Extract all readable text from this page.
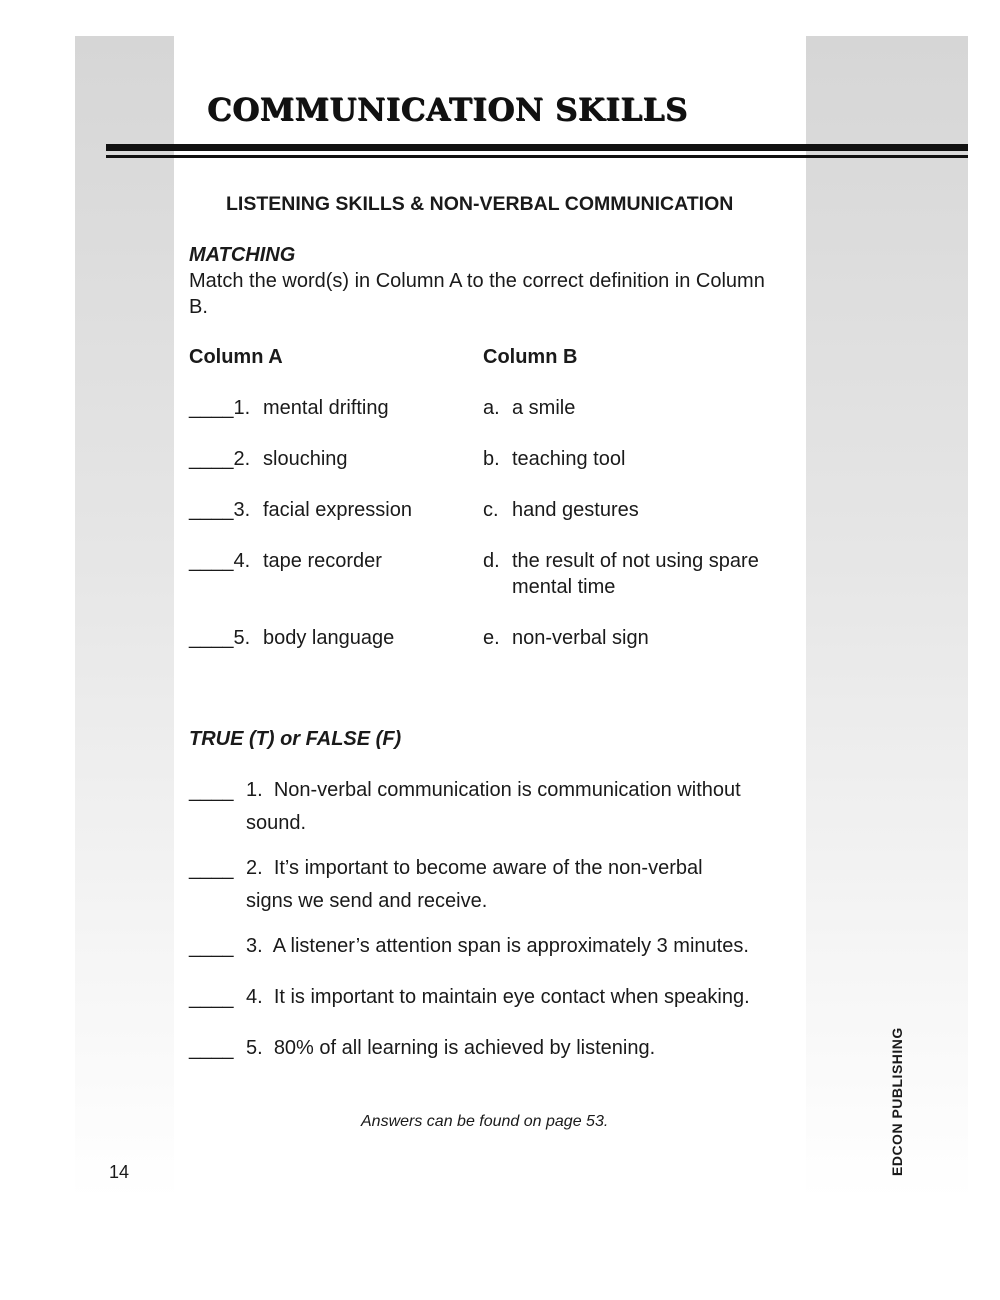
COMMUNICATION SKILLS
LISTENING SKILLS & NON-VERBAL COMMUNICATION
MATCHING
Match the word(s) in Column A to the correct definition in Column B.
Column A	Column B
____1. mental drifting	a. a smile
____2. slouching	b. teaching tool
____3. facial expression	c. hand gestures
____4. tape recorder	d. the result of not using spare mental time
____5. body language	e. non-verbal sign
TRUE (T) or FALSE (F)
____ 1. Non-verbal communication is communication without sound.
____ 2. It’s important to become aware of the non-verbal signs we send and receive.
____ 3. A listener’s attention span is approximately 3 minutes.
____ 4. It is important to maintain eye contact when speaking.
____ 5. 80% of all learning is achieved by listening.
Answers can be found on page 53.
14	EDCON PUBLISHING
